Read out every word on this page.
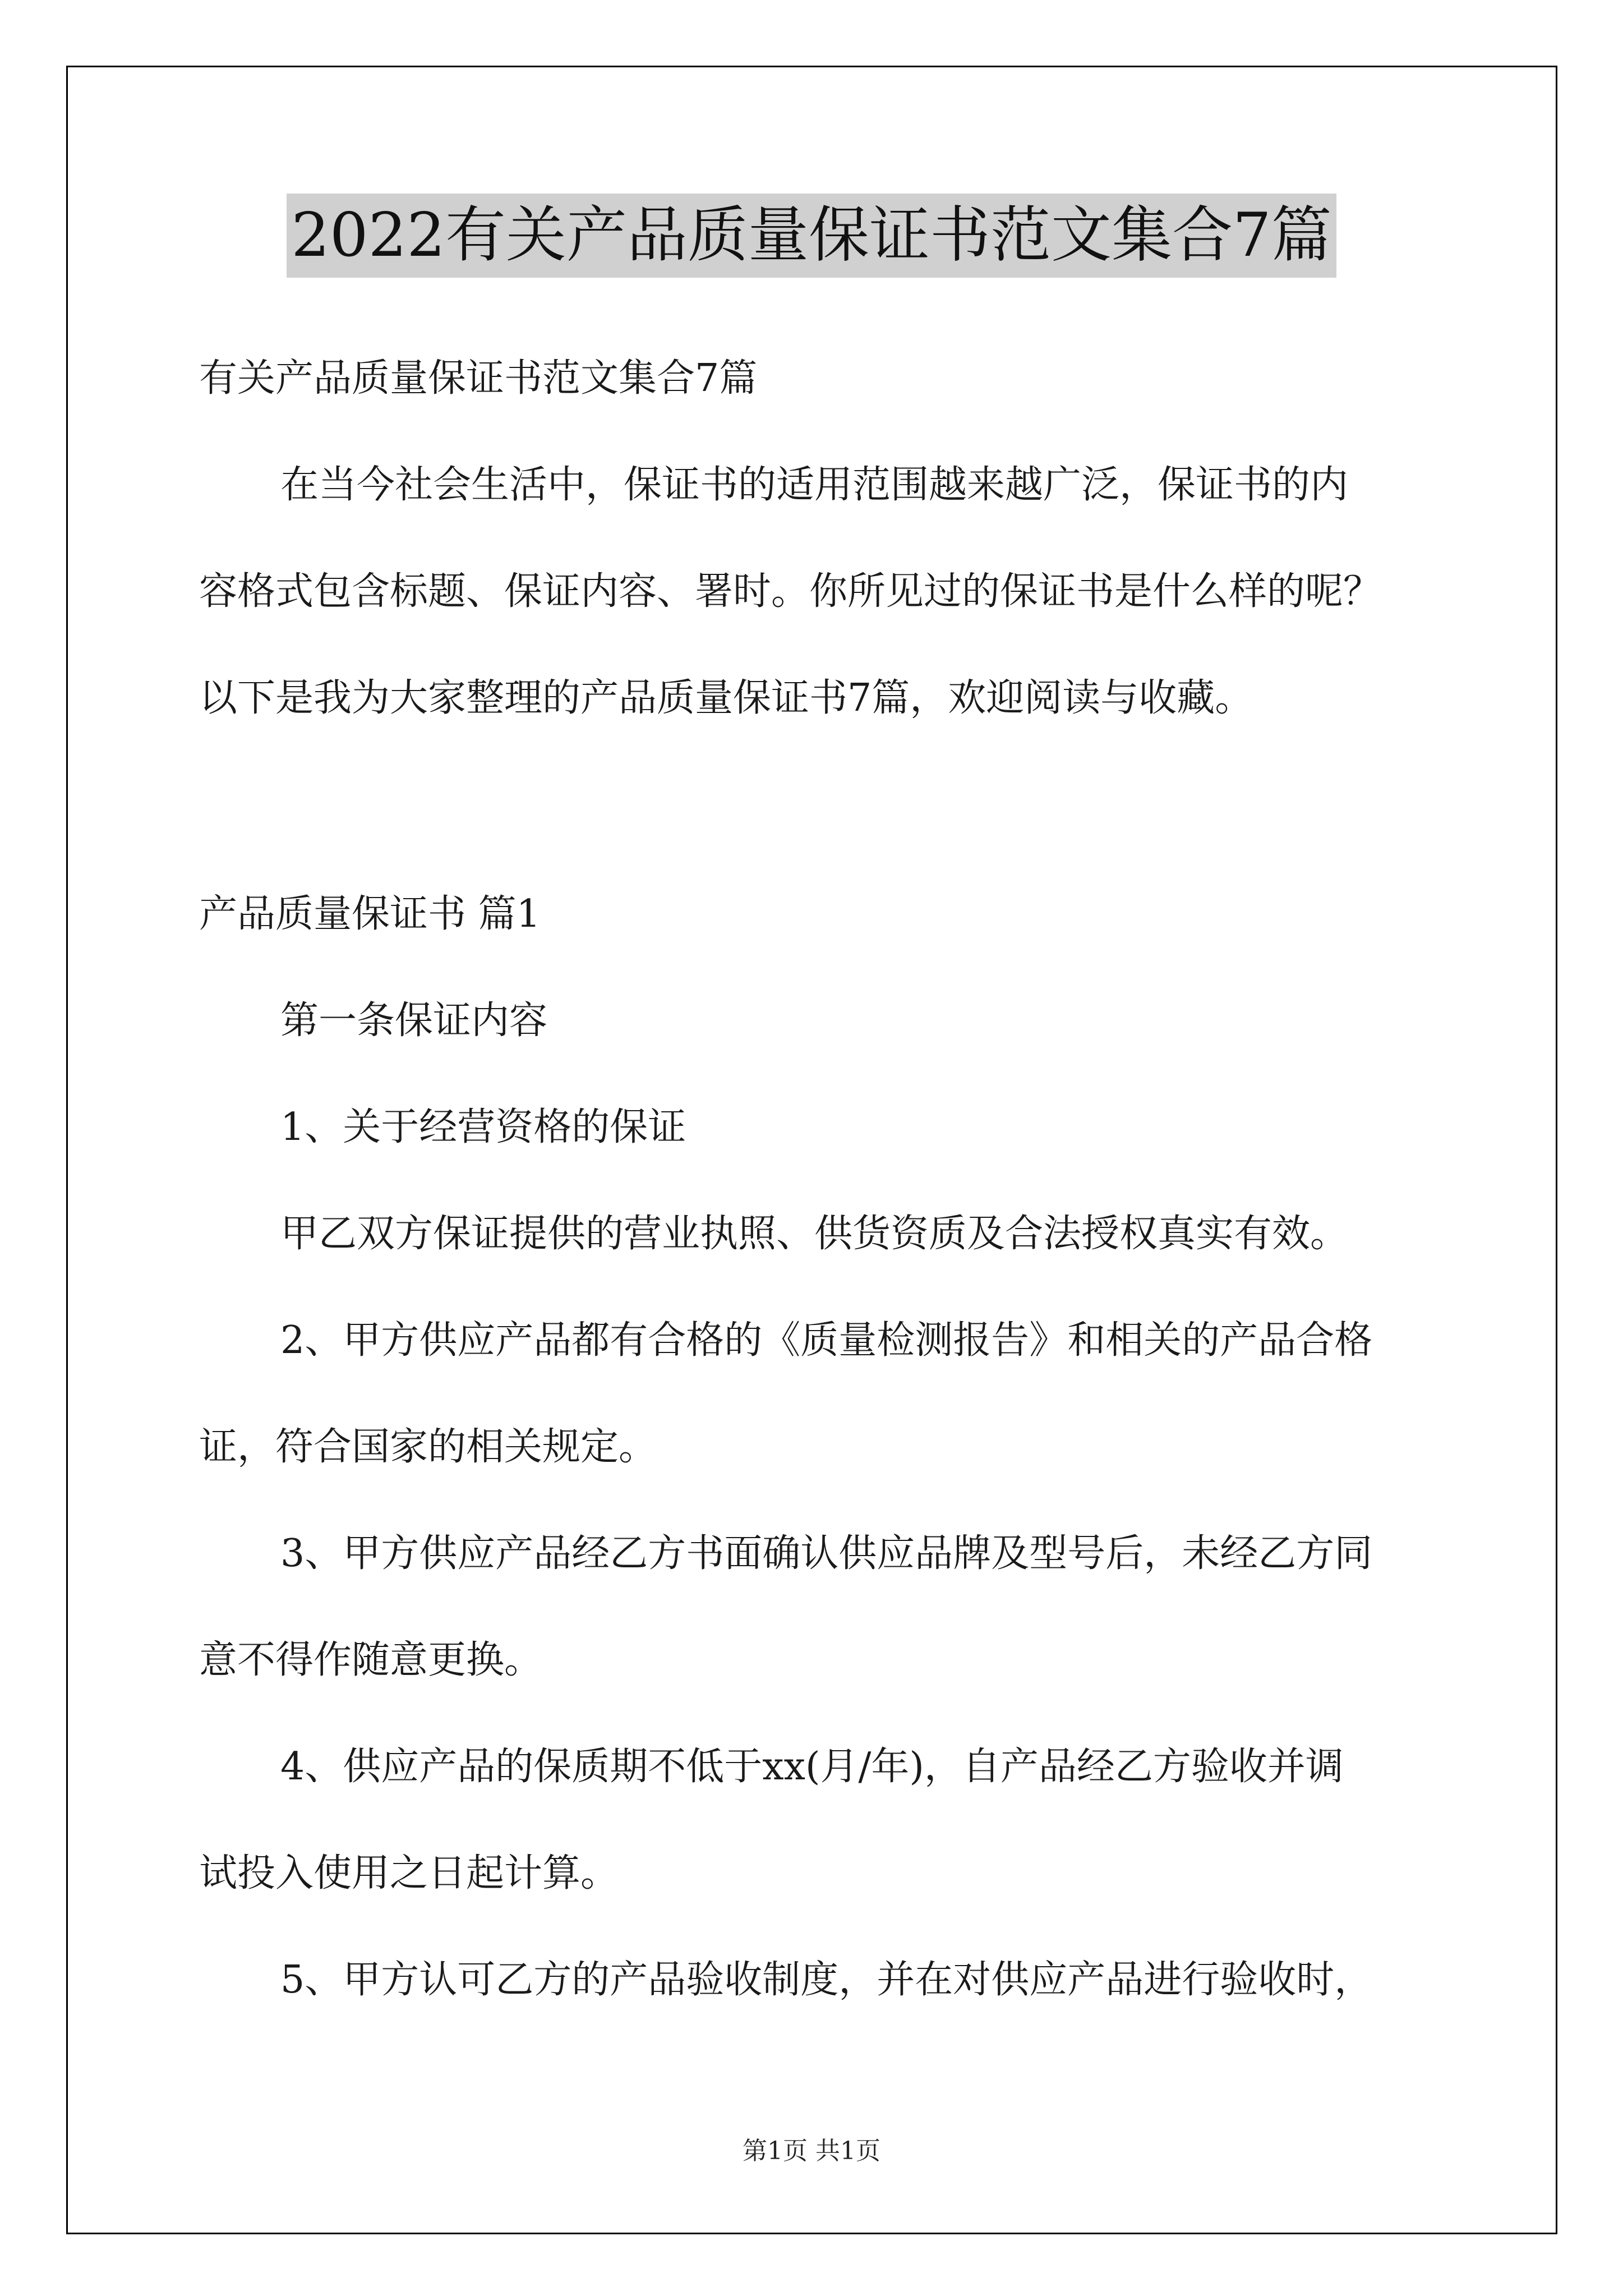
2022有关产品质量保证书范文集合7篇
有关产品质量保证书范文集合7篇
在当今社会生活中，保证书的适用范围越来越广泛，保证书的内
容格式包含标题、保证内容、署时。你所见过的保证书是什么样的呢？
以下是我为大家整理的产品质量保证书7篇，欢迎阅读与收藏。
产品质量保证书 篇1
第一条保证内容
1、关于经营资格的保证
甲乙双方保证提供的营业执照、供货资质及合法授权真实有效。
2、甲方供应产品都有合格的《质量检测报告》和相关的产品合格
证，符合国家的相关规定。
3、甲方供应产品经乙方书面确认供应品牌及型号后，未经乙方同
意不得作随意更换。
4、供应产品的保质期不低于xx(月/年)，自产品经乙方验收并调
试投入使用之日起计算。
5、甲方认可乙方的产品验收制度，并在对供应产品进行验收时，
第1页 共1页
